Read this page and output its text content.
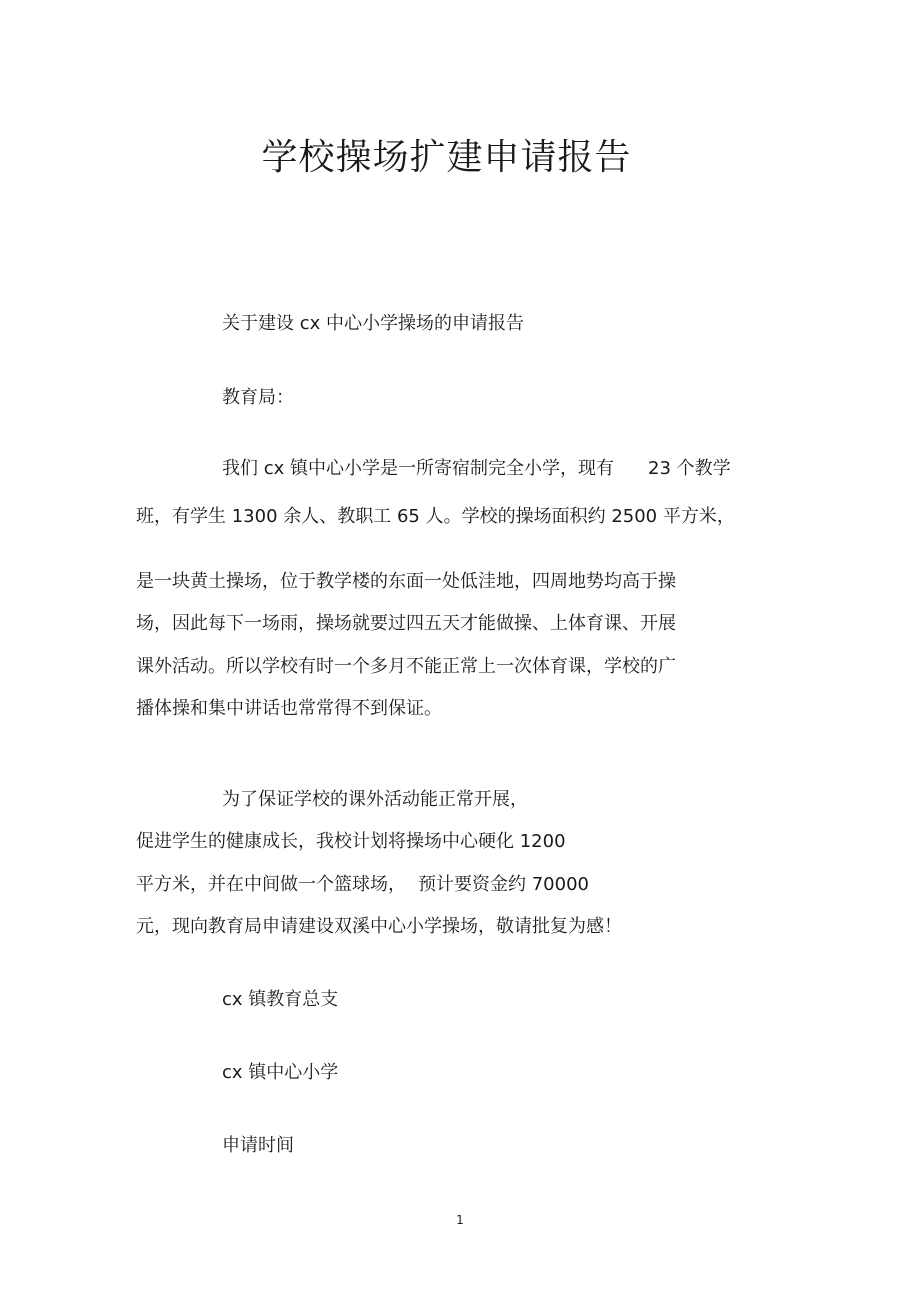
学校操场扩建申请报告
关于建设 cx 中心小学操场的申请报告
教育局：
我们 cx 镇中心小学是一所寄宿制完全小学，现有 23 个教学
班，有学生 1300 余人、教职工 65 人。学校的操场面积约 2500 平方米，
是一块黄土操场，位于教学楼的东面一处低洼地，四周地势均高于操
场，因此每下一场雨，操场就要过四五天才能做操、上体育课、开展
课外活动。所以学校有时一个多月不能正常上一次体育课，学校的广
播体操和集中讲话也常常得不到保证。
为了保证学校的课外活动能正常开展，
促进学生的健康成长，我校计划将操场中心硬化 1200
平方米，并在中间做一个篮球场， 预计要资金约 70000
元，现向教育局申请建设双溪中心小学操场，敬请批复为感！
cx 镇教育总支
cx 镇中心小学
申请时间
1
